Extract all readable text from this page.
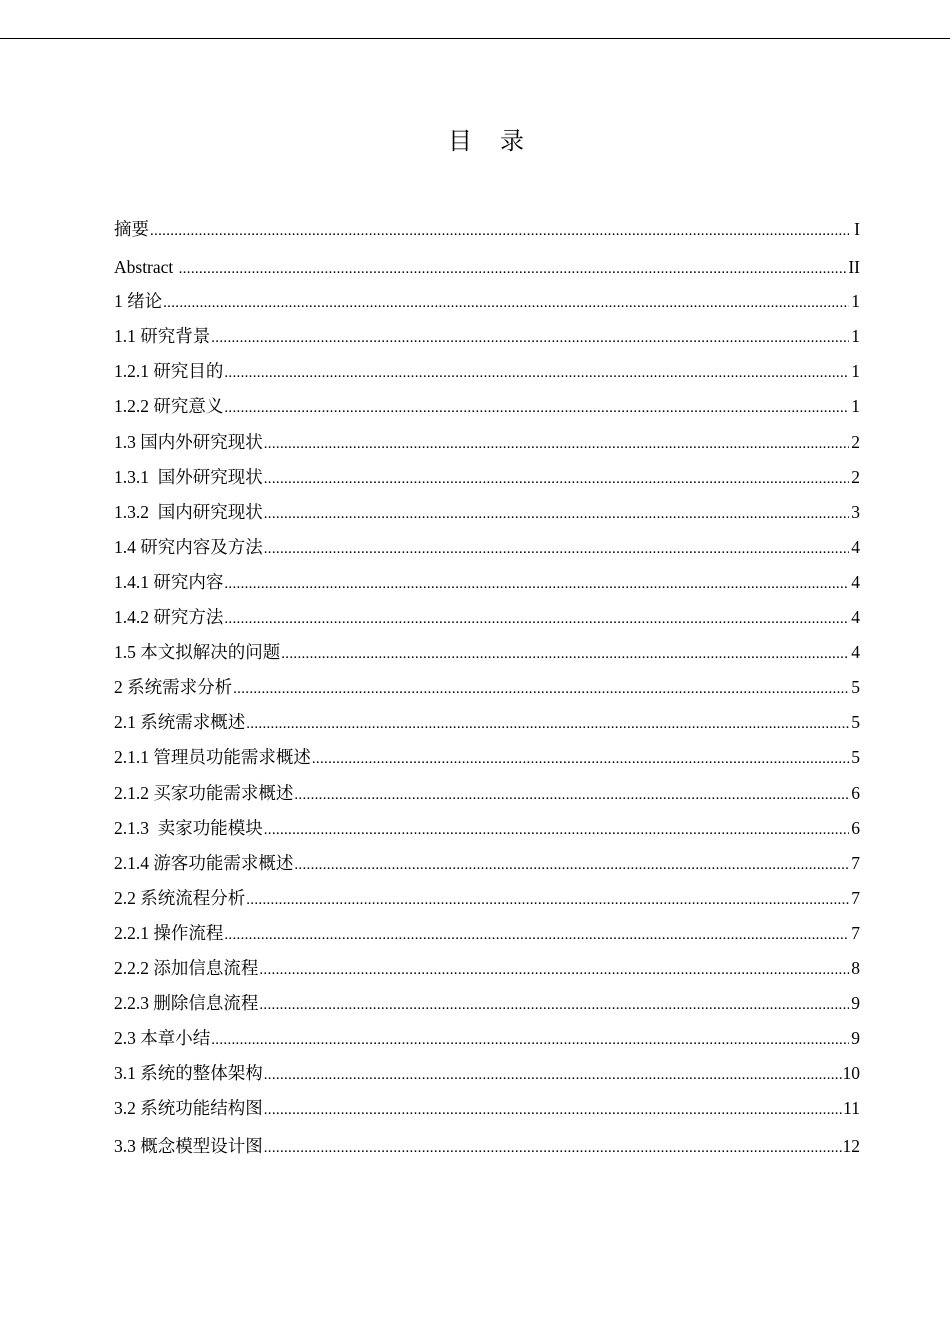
目 录
摘要 .....	I
Abstract .....	II
1 绪论 .....	1
1.1 研究背景 .....	1
1.2.1 研究目的 .....	1
1.2.2 研究意义 .....	1
1.3 国内外研究现状 .....	2
1.3.1  国外研究现状 .....	2
1.3.2  国内研究现状 .....	3
1.4 研究内容及方法 .....	4
1.4.1 研究内容 .....	4
1.4.2 研究方法 .....	4
1.5 本文拟解决的问题 .....	4
2 系统需求分析 .....	5
2.1 系统需求概述 .....	5
2.1.1 管理员功能需求概述 .....	5
2.1.2 买家功能需求概述 .....	6
2.1.3  卖家功能模块 .....	6
2.1.4 游客功能需求概述 .....	7
2.2 系统流程分析 .....	7
2.2.1 操作流程 .....	7
2.2.2 添加信息流程 .....	8
2.2.3 删除信息流程 .....	9
2.3 本章小结 .....	9
3.1 系统的整体架构 .....	10
3.2 系统功能结构图 .....	11
3.3 概念模型设计图 .....	12
